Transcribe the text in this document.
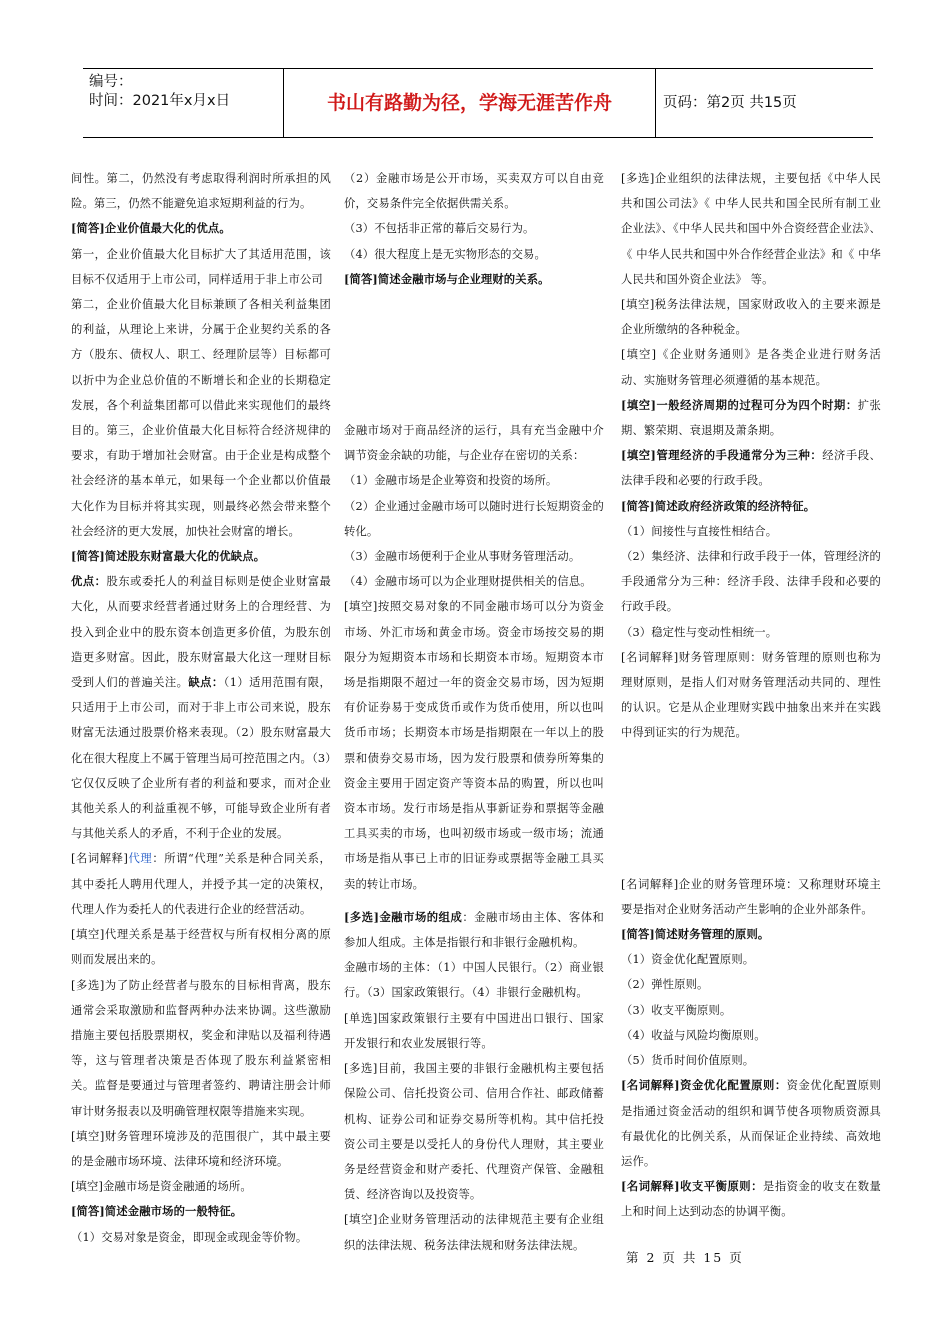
编号：
时间：2021年x月x日	书山有路勤为径，学海无涯苦作舟	页码：第2页 共15页

间性。第二，仍然没有考虑取得利润时所承担的风险。第三，仍然不能避免追求短期利益的行为。

[简答]企业价值最大化的优点。

第一，企业价值最大化目标扩大了其适用范围，该目标不仅适用于上市公司，同样适用于非上市公司

第二，企业价值最大化目标兼顾了各相关利益集团的利益，从理论上来讲，分属于企业契约关系的各方（股东、债权人、职工、经理阶层等）目标都可以折中为企业总价值的不断增长和企业的长期稳定发展，各个利益集团都可以借此来实现他们的最终目的。第三，企业价值最大化目标符合经济规律的要求，有助于增加社会财富。由于企业是构成整个社会经济的基本单元，如果每一个企业都以价值最大化作为目标并将其实现，则最终必然会带来整个社会经济的更大发展，加快社会财富的增长。

[简答]简述股东财富最大化的优缺点。

优点：股东或委托人的利益目标则是使企业财富最大化，从而要求经营者通过财务上的合理经营、为投入到企业中的股东资本创造更多价值，为股东创造更多财富。因此，股东财富最大化这一理财目标受到人们的普遍关注。缺点：（1）适用范围有限，只适用于上市公司，而对于非上市公司来说，股东财富无法通过股票价格来表现。（2）股东财富最大化在很大程度上不属于管理当局可控范围之内。（3）它仅仅反映了企业所有者的利益和要求，而对企业其他关系人的利益重视不够，可能导致企业所有者与其他关系人的矛盾，不利于企业的发展。

[名词解释]代理：所谓“代理”关系是种合同关系，其中委托人聘用代理人，并授予其一定的决策权，代理人作为委托人的代表进行企业的经营活动。

[填空]代理关系是基于经营权与所有权相分离的原则而发展出来的。

[多选]为了防止经营者与股东的目标相背离，股东通常会采取激励和监督两种办法来协调。这些激励措施主要包括股票期权，奖金和津贴以及福利待遇等，这与管理者决策是否体现了股东利益紧密相关。监督是要通过与管理者签约、聘请注册会计师审计财务报表以及明确管理权限等措施来实现。

[填空]财务管理环境涉及的范围很广，其中最主要的是金融市场环境、法律环境和经济环境。

[填空]金融市场是资金融通的场所。

[简答]简述金融市场的一般特征。

（1）交易对象是资金，即现金或现金等价物。

（2）金融市场是公开市场，买卖双方可以自由竞价，交易条件完全依据供需关系。

（3）不包括非正常的幕后交易行为。

（4）很大程度上是无实物形态的交易。

[简答]简述金融市场与企业理财的关系。

金融市场对于商品经济的运行，具有充当金融中介调节资金余缺的功能，与企业存在密切的关系：

（1）金融市场是企业筹资和投资的场所。

（2）企业通过金融市场可以随时进行长短期资金的转化。

（3）金融市场便利于企业从事财务管理活动。

（4）金融市场可以为企业理财提供相关的信息。

[填空]按照交易对象的不同金融市场可以分为资金市场、外汇市场和黄金市场。资金市场按交易的期限分为短期资本市场和长期资本市场。短期资本市场是指期限不超过一年的资金交易市场，因为短期有价证券易于变成货币或作为货币使用，所以也叫货币市场；长期资本市场是指期限在一年以上的股票和债券交易市场，因为发行股票和债券所筹集的资金主要用于固定资产等资本品的购置，所以也叫资本市场。发行市场是指从事新证券和票据等金融工具买卖的市场，也叫初级市场或一级市场；流通市场是指从事已上市的旧证券或票据等金融工具买卖的转让市场。

[多选]金融市场的组成：金融市场由主体、客体和参加人组成。主体是指银行和非银行金融机构。

金融市场的主体：（1）中国人民银行。（2）商业银行。（3）国家政策银行。（4）非银行金融机构。

[单选]国家政策银行主要有中国进出口银行、国家开发银行和农业发展银行等。

[多选]目前，我国主要的非银行金融机构主要包括保险公司、信托投资公司、信用合作社、邮政储蓄机构、证券公司和证券交易所等机构。其中信托投资公司主要是以受托人的身份代人理财，其主要业务是经营资金和财产委托、代理资产保管、金融租赁、经济咨询以及投资等。

[填空]企业财务管理活动的法律规范主要有企业组织的法律法规、税务法律法规和财务法律法规。

[多选]企业组织的法律法规，主要包括《中华人民共和国公司法》《 中华人民共和国全民所有制工业企业法》、《中华人民共和国中外合资经营企业法》、《 中华人民共和国中外合作经营企业法》和《 中华人民共和国外资企业法》 等。

[填空]税务法律法规，国家财政收入的主要来源是企业所缴纳的各种税金。

[填空]《企业财务通则》是各类企业进行财务活动、实施财务管理必须遵循的基本规范。

[填空]一般经济周期的过程可分为四个时期：扩张期、繁荣期、衰退期及萧条期。

[填空]管理经济的手段通常分为三种：经济手段、法律手段和必要的行政手段。

[简答]简述政府经济政策的经济特征。

（1）间接性与直接性相结合。

（2）集经济、法律和行政手段于一体，管理经济的手段通常分为三种：经济手段、法律手段和必要的行政手段。

（3）稳定性与变动性相统一。

[名词解释]财务管理原则：财务管理的原则也称为理财原则，是指人们对财务管理活动共同的、理性的认识。它是从企业理财实践中抽象出来并在实践中得到证实的行为规范。

[名词解释]企业的财务管理环境：又称理财环境主要是指对企业财务活动产生影响的企业外部条件。

[简答]简述财务管理的原则。

（1）资金优化配置原则。

（2）弹性原则。

（3）收支平衡原则。

（4）收益与风险均衡原则。

（5）货币时间价值原则。

[名词解释]资金优化配置原则：资金优化配置原则是指通过资金活动的组织和调节使各项物质资源具有最优化的比例关系，从而保证企业持续、高效地运作。

[名词解释]收支平衡原则：是指资金的收支在数量上和时间上达到动态的协调平衡。

第 2 页 共 15 页
